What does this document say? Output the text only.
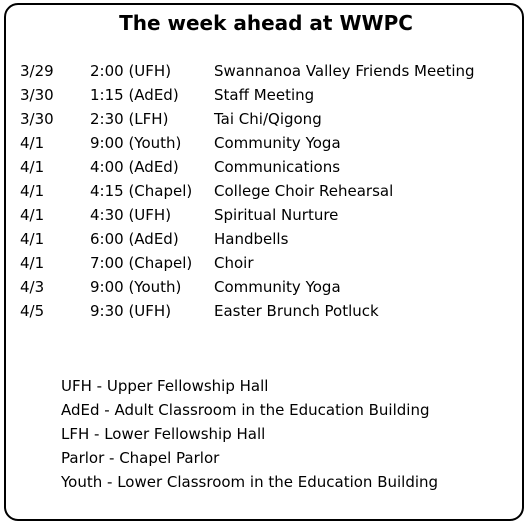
The week ahead at WWPC
3/29 2:00 (UFH)	Swannanoa Valley Friends Meeting
3/30 1:15 (AdEd) Staff Meeting
3/30 2:30 (LFH)	Tai Chi/Qigong
4/1	9:00 (Youth) Community Yoga
4/1	4:00 (AdEd) Communications
4/1	4:15 (Chapel) College Choir Rehearsal
4/1	4:30 (UFH)	Spiritual Nurture
4/1	6:00 (AdEd) Handbells
4/1	7:00 (Chapel) Choir
4/3	9:00 (Youth) Community Yoga
4/5	9:30 (UFH)	Easter Brunch Potluck
UFH - Upper Fellowship Hall
AdEd - Adult Classroom in the Education Building
LFH - Lower Fellowship Hall
Parlor - Chapel Parlor
Youth - Lower Classroom in the Education Building
